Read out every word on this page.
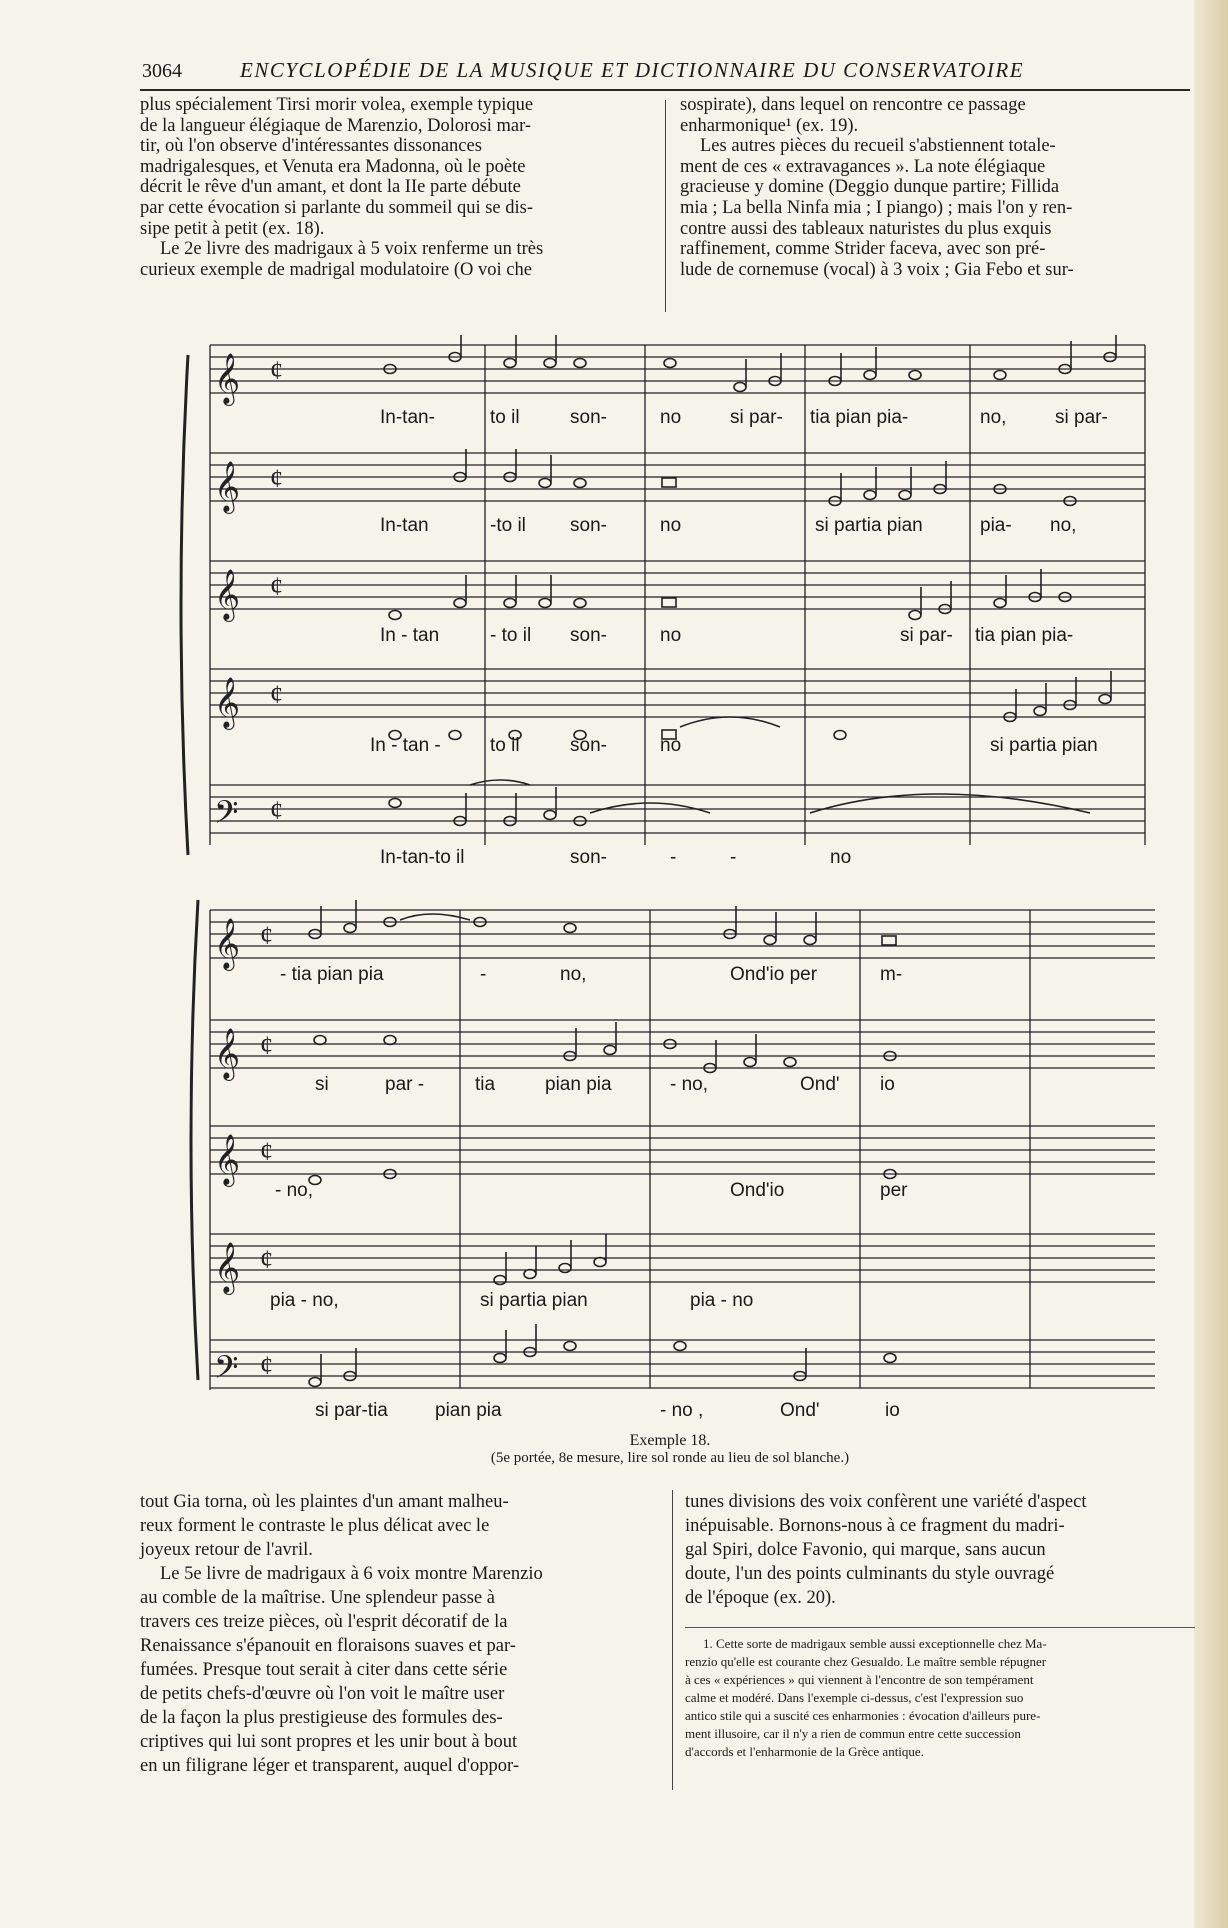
3064	ENCYCLOPÉDIE DE LA MUSIQUE ET DICTIONNAIRE DU CONSERVATOIRE

plus spécialement Tirsi morir volea, exemple typique

de la langueur élégiaque de Marenzio, Dolorosi mar-

tir, où l'on observe d'intéressantes dissonances

madrigalesques, et Venuta era Madonna, où le poète

décrit le rêve d'un amant, et dont la IIe parte débute

par cette évocation si parlante du sommeil qui se dis-

sipe petit à petit (ex. 18).

Le 2e livre des madrigaux à 5 voix renferme un très

curieux exemple de madrigal modulatoire (O voi che

sospirate), dans lequel on rencontre ce passage

enharmonique¹ (ex. 19).

Les autres pièces du recueil s'abstiennent totale-

ment de ces « extravagances ». La note élégiaque

gracieuse y domine (Deggio dunque partire; Fillida

mia ; La bella Ninfa mia ; I piango) ; mais l'on y ren-

contre aussi des tableaux naturistes du plus exquis

raffinement, comme Strider faceva, avec son pré-

lude de cornemuse (vocal) à 3 voix ; Gia Febo et sur-

𝄞
𝄞
𝄞
𝄞
𝄢
¢
¢
¢
¢
¢
In-tan-	to il	son-	no	si par- tia pian pia-	no,	si par-
In-tan	-to il son-	no	si partia pian	pia- no,
In - tan	- to il son-	no	si par- tia pian pia-
In - tan -	to il	son-	no	si partia pian
In-tan-to il	son-	-	-	no
𝄞
𝄞
𝄞
𝄞
𝄢
¢
¢
¢
¢
¢
- tia pian pia	-	no,	Ond'io per	m-
si	par -	tia	pian pia	- no,	Ond' io
- no,	Ond'io	per
pia - no,	si partia pian	pia - no
si par-tia pian pia	- no ,	Ond'	io
Exemple 18.
(5e portée, 8e mesure, lire sol ronde au lieu de sol blanche.)

tout Gia torna, où les plaintes d'un amant malheu-

reux forment le contraste le plus délicat avec le

joyeux retour de l'avril.

Le 5e livre de madrigaux à 6 voix montre Marenzio

au comble de la maîtrise. Une splendeur passe à

travers ces treize pièces, où l'esprit décoratif de la

Renaissance s'épanouit en floraisons suaves et par-

fumées. Presque tout serait à citer dans cette série

de petits chefs-d'œuvre où l'on voit le maître user

de la façon la plus prestigieuse des formules des-

criptives qui lui sont propres et les unir bout à bout

en un filigrane léger et transparent, auquel d'oppor-

tunes divisions des voix confèrent une variété d'aspect

inépuisable. Bornons-nous à ce fragment du madri-

gal Spiri, dolce Favonio, qui marque, sans aucun

doute, l'un des points culminants du style ouvragé

de l'époque (ex. 20).

1. Cette sorte de madrigaux semble aussi exceptionnelle chez Ma-

renzio qu'elle est courante chez Gesualdo. Le maître semble répugner

à ces « expériences » qui viennent à l'encontre de son tempérament

calme et modéré. Dans l'exemple ci-dessus, c'est l'expression suo

antico stile qui a suscité ces enharmonies : évocation d'ailleurs pure-

ment illusoire, car il n'y a rien de commun entre cette succession

d'accords et l'enharmonie de la Grèce antique.
